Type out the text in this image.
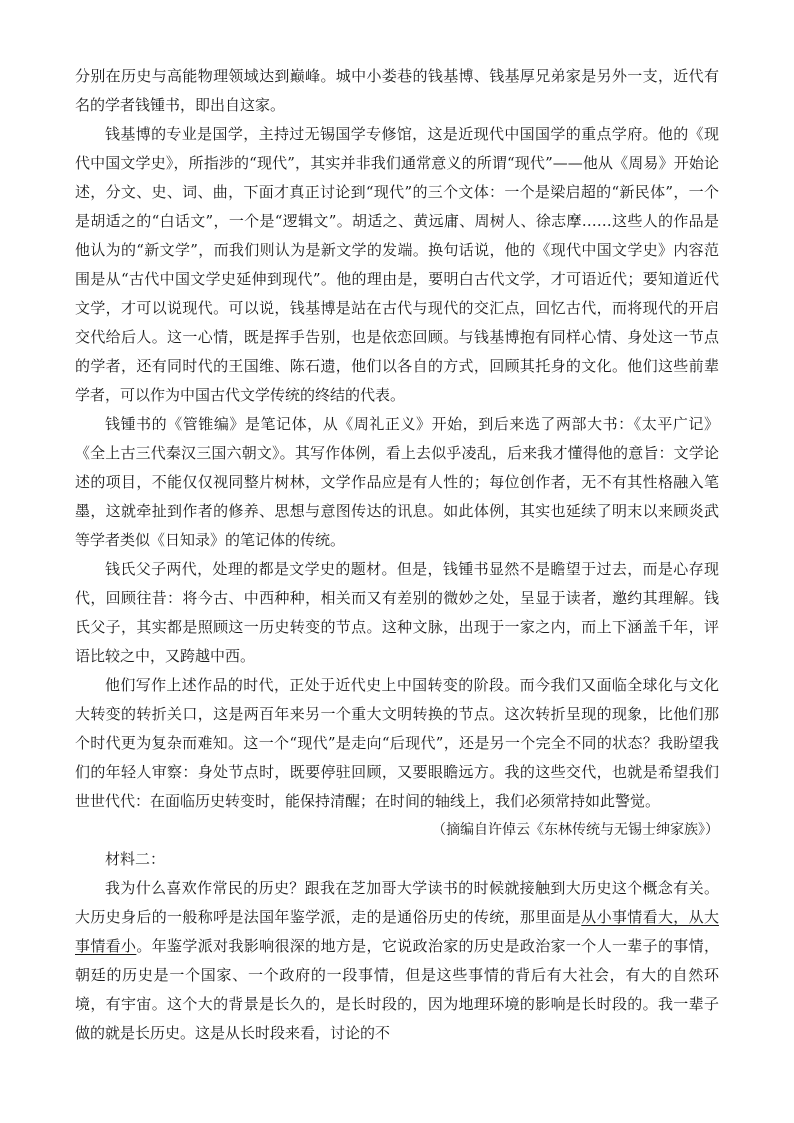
分别在历史与高能物理领域达到巅峰。城中小娄巷的钱基博、钱基厚兄弟家是另外一支，近代有名的学者钱锺书，即出自这家。

钱基博的专业是国学，主持过无锡国学专修馆，这是近现代中国国学的重点学府。他的《现代中国文学史》，所指涉的“现代”，其实并非我们通常意义的所谓“现代”——他从《周易》开始论述，分文、史、词、曲，下面才真正讨论到“现代”的三个文体：一个是梁启超的“新民体”，一个是胡适之的“白话文”，一个是“逻辑文”。胡适之、黄远庸、周树人、徐志摩……这些人的作品是他认为的“新文学”，而我们则认为是新文学的发端。换句话说，他的《现代中国文学史》内容范围是从“古代中国文学史延伸到现代”。他的理由是，要明白古代文学，才可语近代；要知道近代文学，才可以说现代。可以说，钱基博是站在古代与现代的交汇点，回忆古代，而将现代的开启交代给后人。这一心情，既是挥手告别，也是依恋回顾。与钱基博抱有同样心情、身处这一节点的学者，还有同时代的王国维、陈石遗，他们以各自的方式，回顾其托身的文化。他们这些前辈学者，可以作为中国古代文学传统的终结的代表。

钱锺书的《管锥编》是笔记体，从《周礼正义》开始，到后来选了两部大书：《太平广记》《全上古三代秦汉三国六朝文》。其写作体例，看上去似乎凌乱，后来我才懂得他的意旨：文学论述的项目，不能仅仅视同整片树林，文学作品应是有人性的；每位创作者，无不有其性格融入笔墨，这就牵扯到作者的修养、思想与意图传达的讯息。如此体例，其实也延续了明末以来顾炎武等学者类似《日知录》的笔记体的传统。

钱氏父子两代，处理的都是文学史的题材。但是，钱锺书显然不是瞻望于过去，而是心存现代，回顾往昔：将今古、中西种种，相关而又有差别的微妙之处，呈显于读者，邀约其理解。钱氏父子，其实都是照顾这一历史转变的节点。这种文脉，出现于一家之内，而上下涵盖千年，评语比较之中，又跨越中西。

他们写作上述作品的时代，正处于近代史上中国转变的阶段。而今我们又面临全球化与文化大转变的转折关口，这是两百年来另一个重大文明转换的节点。这次转折呈现的现象，比他们那个时代更为复杂而难知。这一个“现代”是走向“后现代”，还是另一个完全不同的状态？我盼望我们的年轻人审察：身处节点时，既要停驻回顾，又要眼瞻远方。我的这些交代，也就是希望我们世世代代：在面临历史转变时，能保持清醒；在时间的轴线上，我们必须常持如此警觉。

（摘编自许倬云《东林传统与无锡士绅家族》）

材料二：

我为什么喜欢作常民的历史？跟我在芝加哥大学读书的时候就接触到大历史这个概念有关。大历史身后的一般称呼是法国年鉴学派，走的是通俗历史的传统，那里面是从小事情看大，从大事情看小。年鉴学派对我影响很深的地方是，它说政治家的历史是政治家一个人一辈子的事情，朝廷的历史是一个国家、一个政府的一段事情，但是这些事情的背后有大社会，有大的自然环境，有宇宙。这个大的背景是长久的，是长时段的，因为地理环境的影响是长时段的。我一辈子做的就是长历史。这是从长时段来看，讨论的不
